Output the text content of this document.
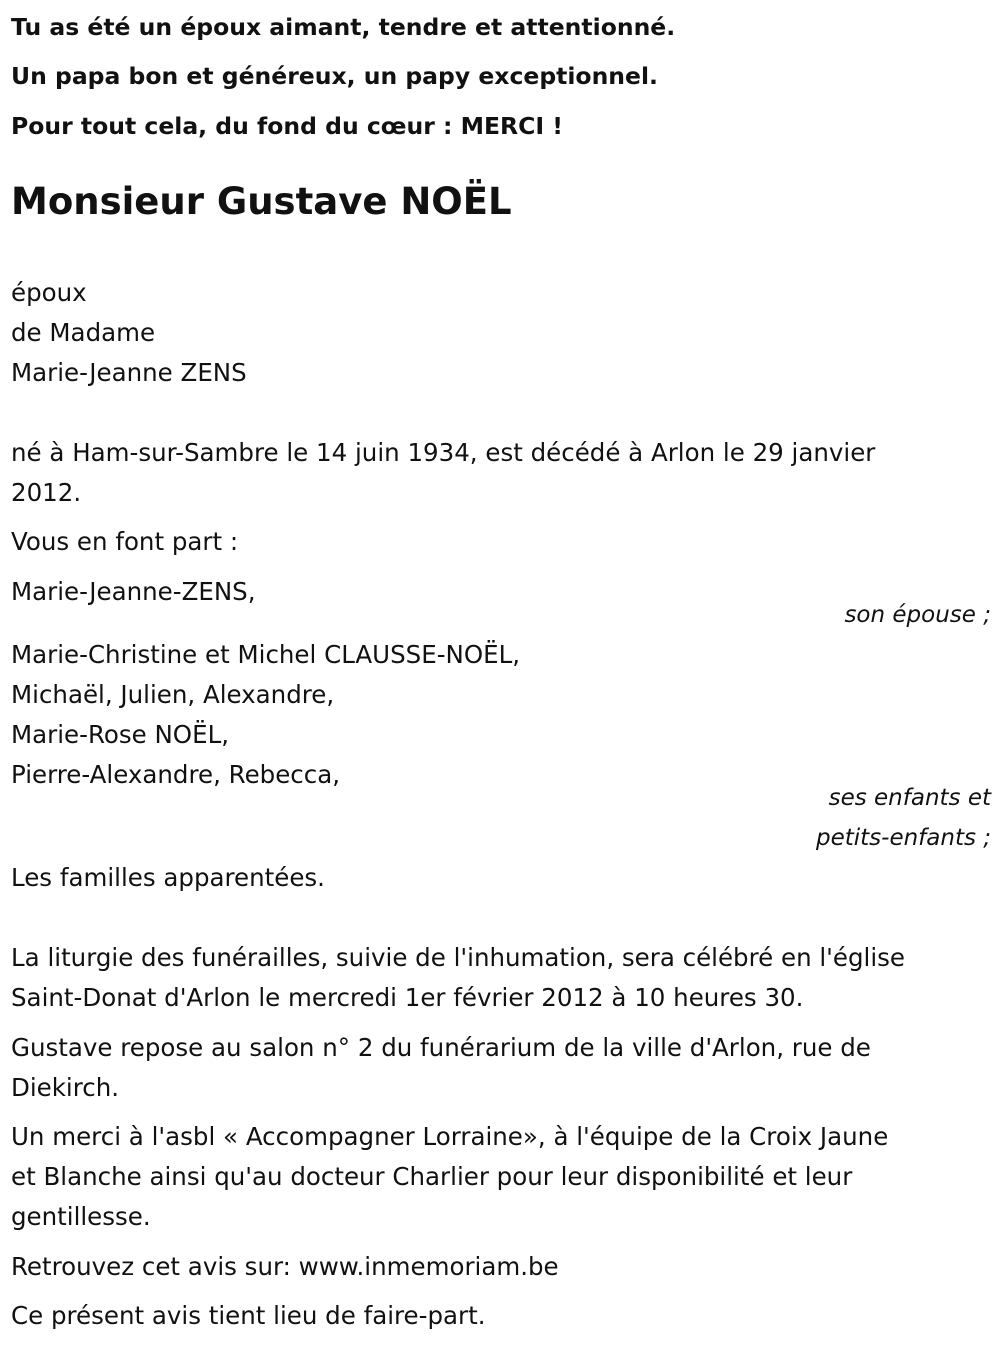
Tu as été un époux aimant, tendre et attentionné.

Un papa bon et généreux, un papy exceptionnel.

Pour tout cela, du fond du cœur : MERCI !

Monsieur Gustave NOËL

époux

de Madame

Marie-Jeanne ZENS

né à Ham-sur-Sambre le 14 juin 1934, est décédé à Arlon le 29 janvier

2012.

Vous en font part :

Marie-Jeanne-ZENS,

son épouse ;

Marie-Christine et Michel CLAUSSE-NOËL,

Michaël, Julien, Alexandre,

Marie-Rose NOËL,

Pierre-Alexandre, Rebecca,

ses enfants et
petits-enfants ;

Les familles apparentées.

La liturgie des funérailles, suivie de l'inhumation, sera célébré en l'église

Saint-Donat d'Arlon le mercredi 1er février 2012 à 10 heures 30.

Gustave repose au salon n° 2 du funérarium de la ville d'Arlon, rue de

Diekirch.

Un merci à l'asbl « Accompagner Lorraine», à l'équipe de la Croix Jaune

et Blanche ainsi qu'au docteur Charlier pour leur disponibilité et leur

gentillesse.

Retrouvez cet avis sur: www.inmemoriam.be

Ce présent avis tient lieu de faire-part.
